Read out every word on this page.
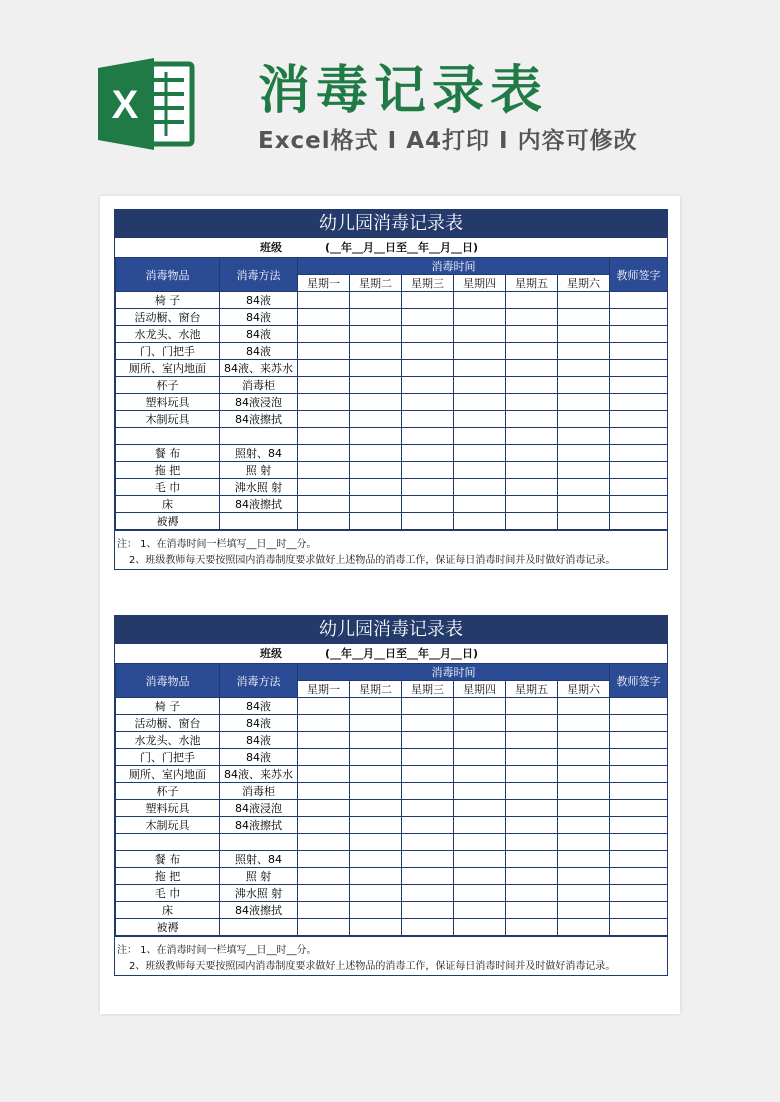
X 消毒记录表
Excel格式 I A4打印 I 内容可修改
幼儿园消毒记录表
班级	(__年__月__日至__年__月__日)
消毒物品	消毒方法	消毒时间						教师签字
		星期一	星期二	星期三	星期四	星期五	星期六	
椅 子	84液							
活动橱、窗台	84液							
水龙头、水池	84液							
门、门把手	84液							
厕所、室内地面	84液、来苏水							
杯子	消毒柜							
塑料玩具	84液浸泡							
木制玩具	84液擦拭							

餐 布	照射、84							
拖 把	照 射							
毛 巾	沸水照 射							
床	84液擦拭							
被褥								
注： 1、在消毒时间一栏填写__日__时__分。
2、班级教师每天要按照园内消毒制度要求做好上述物品的消毒工作，保证每日消毒时间并及时做好消毒记录。
幼儿园消毒记录表
班级	(__年__月__日至__年__月__日)
消毒物品	消毒方法	消毒时间						教师签字
		星期一	星期二	星期三	星期四	星期五	星期六	
椅 子	84液							
活动橱、窗台	84液							
水龙头、水池	84液							
门、门把手	84液							
厕所、室内地面	84液、来苏水							
杯子	消毒柜							
塑料玩具	84液浸泡							
木制玩具	84液擦拭							

餐 布	照射、84							
拖 把	照 射							
毛 巾	沸水照 射							
床	84液擦拭							
被褥								
注： 1、在消毒时间一栏填写__日__时__分。
2、班级教师每天要按照园内消毒制度要求做好上述物品的消毒工作，保证每日消毒时间并及时做好消毒记录。
